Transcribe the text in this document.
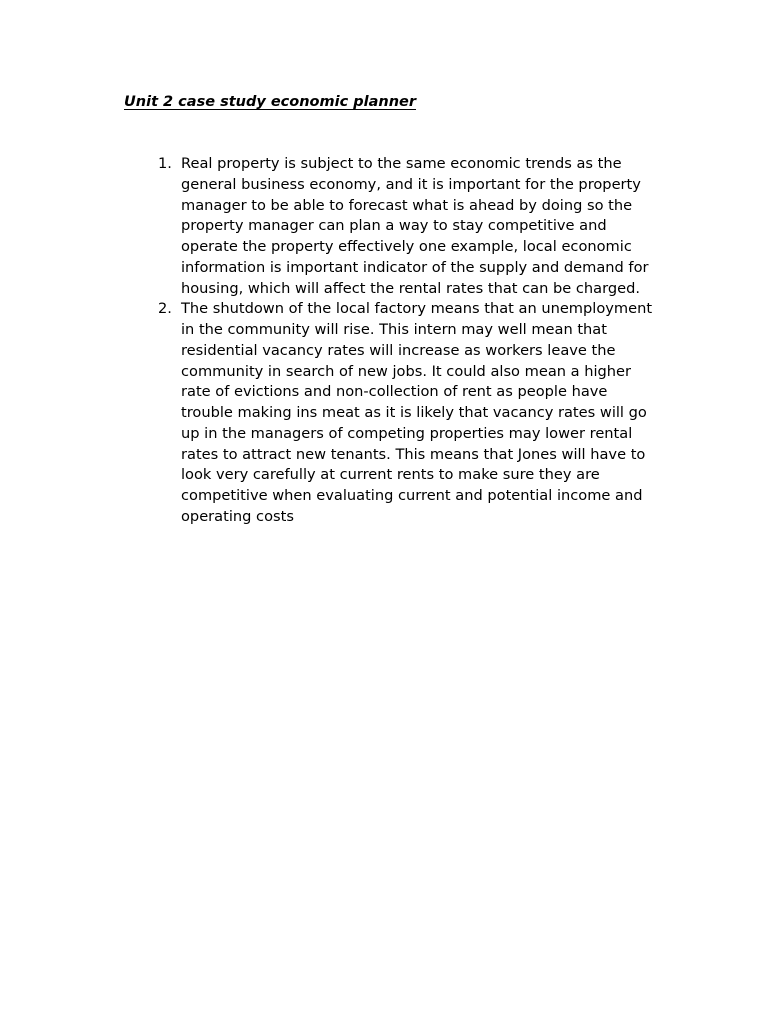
Unit 2 case study economic planner
1. Real property is subject to the same economic trends as the
general business economy, and it is important for the property
manager to be able to forecast what is ahead by doing so the
property manager can plan a way to stay competitive and
operate the property effectively one example, local economic
information is important indicator of the supply and demand for
housing, which will affect the rental rates that can be charged.
2. The shutdown of the local factory means that an unemployment
in the community will rise. This intern may well mean that
residential vacancy rates will increase as workers leave the
community in search of new jobs. It could also mean a higher
rate of evictions and non-collection of rent as people have
trouble making ins meat as it is likely that vacancy rates will go
up in the managers of competing properties may lower rental
rates to attract new tenants. This means that Jones will have to
look very carefully at current rents to make sure they are
competitive when evaluating current and potential income and
operating costs
